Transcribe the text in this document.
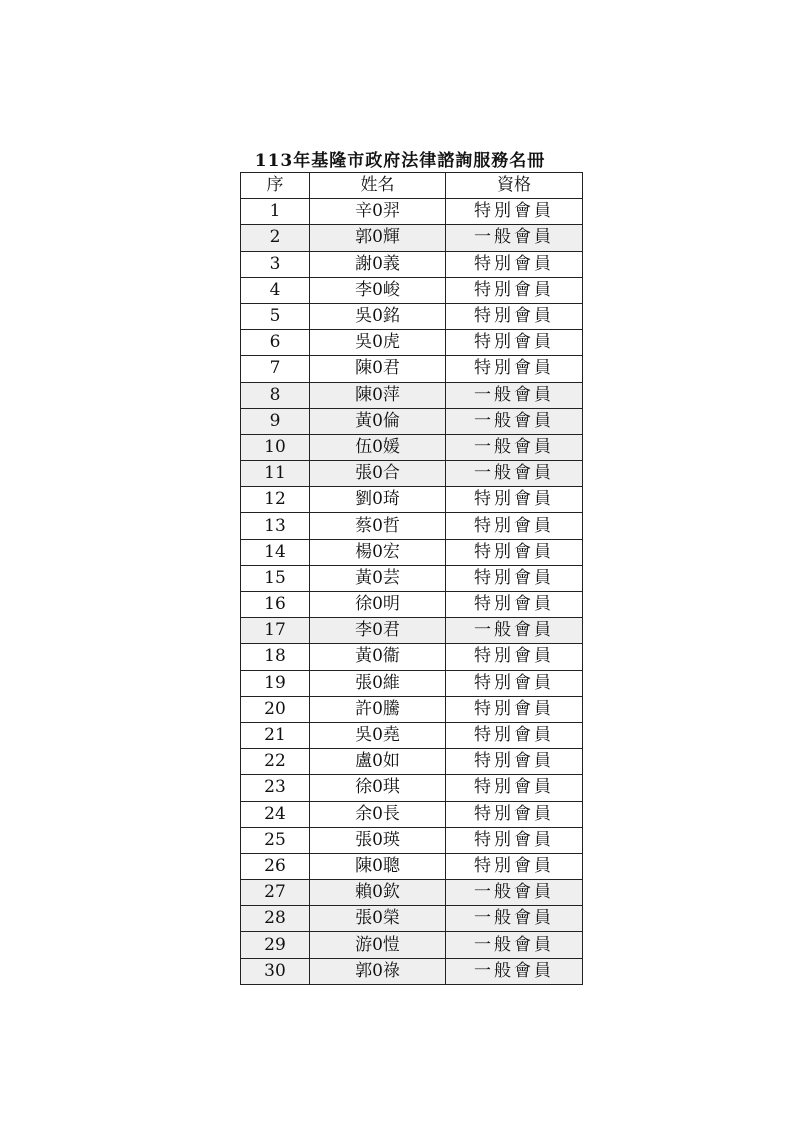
113年基隆市政府法律諮詢服務名冊
序	姓名	資格
1	辛0羿	特別會員
2	郭0輝	一般會員
3	謝0義	特別會員
4	李0峻	特別會員
5	吳0銘	特別會員
6	吳0虎	特別會員
7	陳0君	特別會員
8	陳0萍	一般會員
9	黃0倫	一般會員
10	伍0媛	一般會員
11	張0合	一般會員
12	劉0琦	特別會員
13	蔡0哲	特別會員
14	楊0宏	特別會員
15	黃0芸	特別會員
16	徐0明	特別會員
17	李0君	一般會員
18	黃0衞	特別會員
19	張0維	特別會員
20	許0騰	特別會員
21	吳0堯	特別會員
22	盧0如	特別會員
23	徐0琪	特別會員
24	余0長	特別會員
25	張0瑛	特別會員
26	陳0聰	特別會員
27	賴0欽	一般會員
28	張0榮	一般會員
29	游0愷	一般會員
30	郭0祿	一般會員
